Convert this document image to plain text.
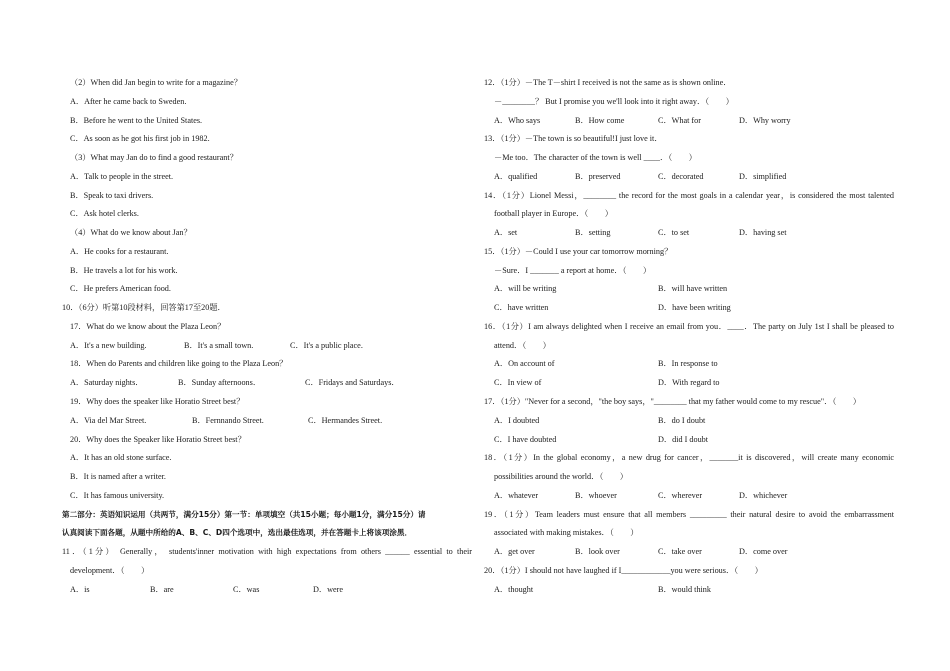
（2）When did Jan begin to write for a magazine？
A．After he came back to Sweden.
B．Before he went to the United States.
C．As soon as he got his first job in 1982.
（3）What may Jan do to find a good restaurant？
A．Talk to people in the street.
B．Speak to taxi drivers.
C．Ask hotel clerks.
（4）What do we know about Jan？
A．He cooks for a restaurant.
B．He travels a lot for his work.
C．He prefers American food.
10．（6分）听第10段材料，回答第17至20题．
17．What do we know about the Plaza Leon？
A．It's a new building.	B．It's a small town.	C．It's a public place.
18．When do Parents and children like going to the Plaza Leon？
A．Saturday nights．	B．Sunday afternoons．	C．Fridays and Saturdays．
19．Why does the speaker like Horatio Street best？
A．Via del Mar Street.	B．Fernnando Street.	C．Hermandes Street.
20．Why does the Speaker like Horatio Street best？
A．It has an old stone surface.
B．It is named after a writer.
C．It has famous university.
第二部分：英语知识运用（共两节，满分15分）第一节：单项填空（共15小题；每小题1分，满分15分）请
认真阅读下面各题，从题中所给的A、B、C、D四个选项中，选出最佳选项，并在答题卡上将该项涂黑．
11．（1分） Generally， students'inner motivation with high expectations from others ______ essential to their
development．（　　）
A．is	B．are	C．was	D．were
12．（1分）－The T－shirt I received is not the same as is shown online．
－________？ But I promise you we'll look into it right away．（　　）
A．Who says	B．How come	C．What for	D．Why worry
13．（1分）－The town is so beautiful!I just love it．
－Me too．The character of the town is well ____．（　　）
A．qualified	B．preserved	C．decorated	D．simplified
14．（1分）Lionel Messi，________ the record for the most goals in a calendar year，is considered the most talented
football player in Europe．（　　）
A．set	B．setting	C．to set	D．having set
15．（1分）－Could I use your car tomorrow morning？
－Sure．I _______ a report at home．（　　）
A．will be writing	B．will have written
C．have written	D．have been writing
16．（1分）I am always delighted when I receive an email from you．____．The party on July 1st I shall be pleased to
attend．（　　）
A．On account of	B．In response to
C．In view of	D．With regard to
17．（1分）"Never for a second，"the boy says，"________ that my father would come to my rescue"．（　　）
A．I doubted	B．do I doubt
C．I have doubted	D．did I doubt
18．（1分）In the global economy，a new drug for cancer，_______it is discovered，will create many economic
possibilities around the world．（　　）
A．whatever	B．whoever	C．wherever	D．whichever
19．（1分）Team leaders must ensure that all members _________ their natural desire to avoid the embarrassment
associated with making mistakes．（　　）
A．get over	B．look over	C．take over	D．come over
20．（1分）I should not have laughed if I____________you were serious．（　　）
A．thought	B．would think
